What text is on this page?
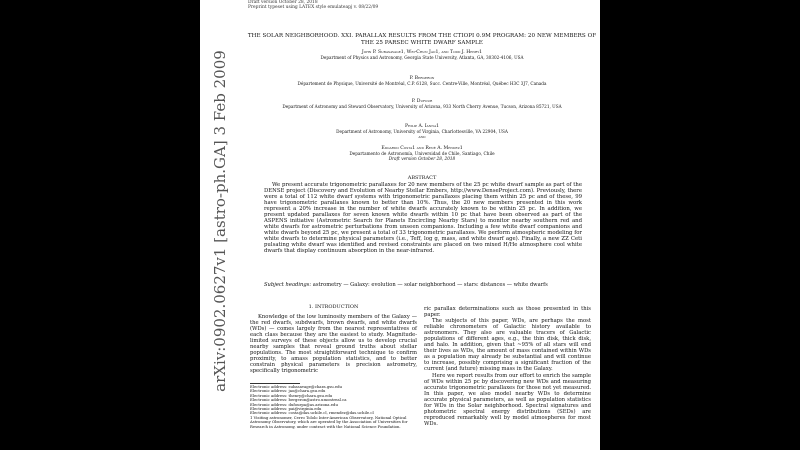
arXiv:0902.0627v1 [astro-ph.GA] 3 Feb 2009
Draft version October 28, 2018
Preprint typeset using LATEX style emulateapj v. 08/22/09
THE SOLAR NEIGHBORHOOD. XXI. PARALLAX RESULTS FROM THE CTIOPI 0.9M PROGRAM: 20 NEW MEMBERS OF THE 25 PARSEC WHITE DWARF SAMPLE
John P. Subasavage1, Wei-Chun Jao1, and Todd J. Henry1
Department of Physics and Astronomy, Georgia State University, Atlanta, GA, 30302-4106, USA
P. Bergeron
Département de Physique, Université de Montréal, C.P. 6128, Succ. Centre-Ville, Montréal, Québec H3C 3J7, Canada
P. Dufour
Department of Astronomy and Steward Observatory, University of Arizona, 933 North Cherry Avenue, Tucson, Arizona 85721, USA
Philip A. Ianna1
Department of Astronomy, University of Virginia, Charlottesville, VA 22904, USA
and
Edgardo Costa1 and René A. Méndez1
Departamento de Astronomía, Universidad de Chile, Santiago, Chile
Draft version October 28, 2018
ABSTRACT

We present accurate trigonometric parallaxes for 20 new members of the 25 pc white dwarf sample as part of the DENSE project (Discovery and Evolution of Nearby Stellar Embers, http://www.DenseProject.com). Previously, there were a total of 112 white dwarf systems with trigonometric parallaxes placing them within 25 pc and of these, 99 have trigonometric parallaxes known to better than 10%. Thus, the 20 new members presented in this work represent a 20% increase in the number of white dwarfs accurately known to be within 25 pc. In addition, we present updated parallaxes for seven known white dwarfs within 10 pc that have been observed as part of the ASPENS initiative (Astrometric Search for Planets Encircling Nearby Stars) to monitor nearby southern red and white dwarfs for astrometric perturbations from unseen companions. Including a few white dwarf companions and white dwarfs beyond 25 pc, we present a total of 33 trigonometric parallaxes. We perform atmospheric modeling for white dwarfs to determine physical parameters (i.e., Teff, log g, mass, and white dwarf age). Finally, a new ZZ Ceti pulsating white dwarf was identified and revised constraints are placed on two mixed H/He atmosphere cool white dwarfs that display continuum absorption in the near-infrared.

Subject headings: astrometry — Galaxy: evolution — solar neighborhood — stars: distances — white dwarfs
1. INTRODUCTION

Knowledge of the low luminosity members of the Galaxy — the red dwarfs, subdwarfs, brown dwarfs, and white dwarfs (WDs) — comes largely from the nearest representatives of each class because they are the easiest to study. Magnitude-limited surveys of these objects allow us to develop crucial nearby samples that reveal ground truths about stellar populations. The most straightforward technique to confirm proximity, to amass population statistics, and to better constrain physical parameters is precision astrometry, specifically trigonometric

Electronic address: subasavage@chara.gsu.edu
Electronic address: jao@chara.gsu.edu
Electronic address: thenry@chara.gsu.edu
Electronic address: bergeron@astro.umontreal.ca
Electronic address: dufourpa@as.arizona.edu
Electronic address: pai@virginia.edu
Electronic address: costa@das.uchile.cl, rmendez@das.uchile.cl
1 Visiting astronomer, Cerro Tololo Inter-American Observatory, National Optical Astronomy Observatory, which are operated by the Association of Universities for Research in Astronomy, under contract with the National Science Foundation.

ric parallax determinations such as those presented in this paper.

The subjects of this paper, WDs, are perhaps the most reliable chronometers of Galactic history available to astronomers. They also are valuable tracers of Galactic populations of different ages, e.g., the thin disk, thick disk, and halo. In addition, given that ~95% of all stars will end their lives as WDs, the amount of mass contained within WDs as a population may already be substantial and will continue to increase, possibly comprising a significant fraction of the current (and future) missing mass in the Galaxy.

Here we report results from our effort to enrich the sample of WDs within 25 pc by discovering new WDs and measuring accurate trigonometric parallaxes for those not yet measured. In this paper, we also model nearby WDs to determine accurate physical parameters, as well as population statistics for WDs in the Solar neighborhood. Spectral signatures and photometric spectral energy distributions (SEDs) are reproduced remarkably well by model atmospheres for most WDs.
